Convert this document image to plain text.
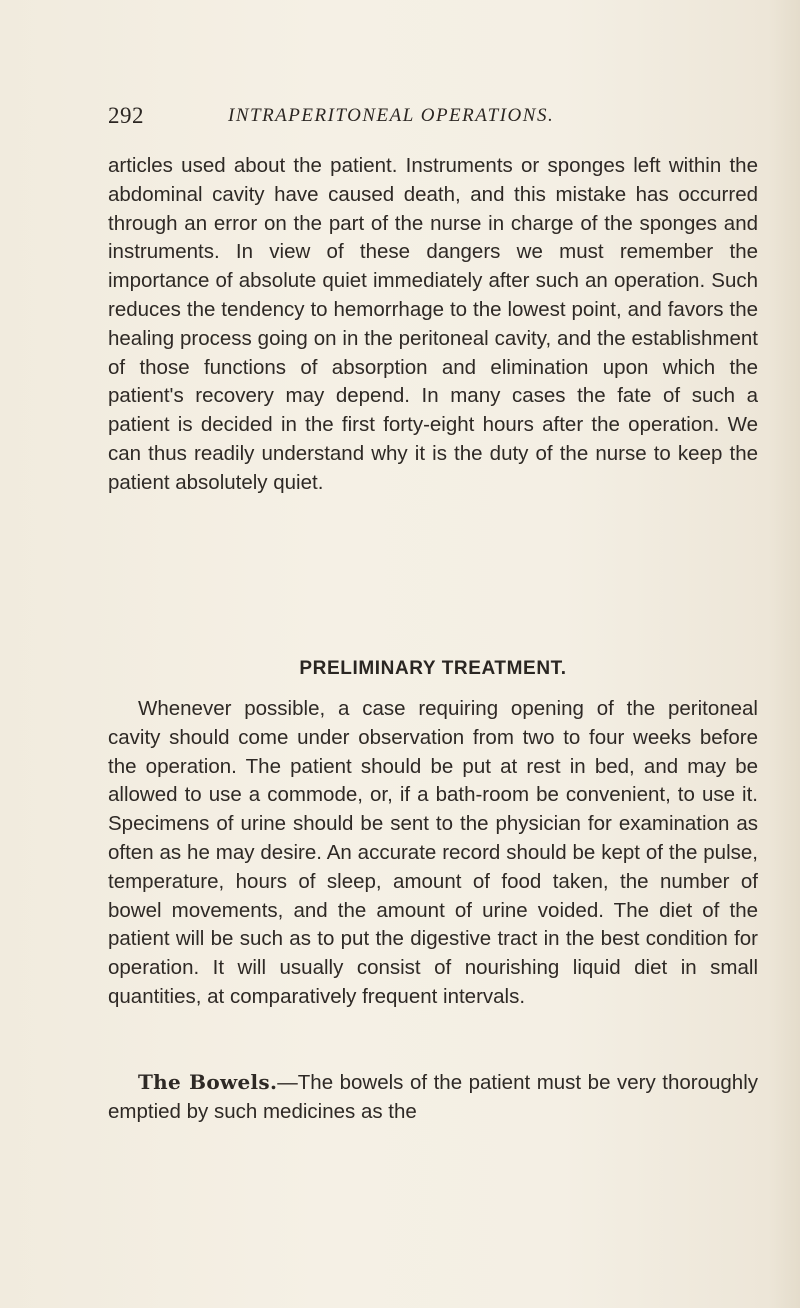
292	INTRAPERITONEAL OPERATIONS.

articles used about the patient. Instruments or sponges left within the abdominal cavity have caused death, and this mistake has occurred through an error on the part of the nurse in charge of the sponges and instruments. In view of these dangers we must remember the importance of absolute quiet immediately after such an operation. Such reduces the tendency to hemorrhage to the lowest point, and favors the healing process going on in the peritoneal cavity, and the establishment of those functions of absorption and elimination upon which the patient's recovery may depend. In many cases the fate of such a patient is decided in the first forty-eight hours after the operation. We can thus readily understand why it is the duty of the nurse to keep the patient absolutely quiet.

PRELIMINARY TREATMENT.

Whenever possible, a case requiring opening of the peritoneal cavity should come under observation from two to four weeks before the operation. The patient should be put at rest in bed, and may be allowed to use a commode, or, if a bath-room be convenient, to use it. Specimens of urine should be sent to the physician for examination as often as he may desire. An accurate record should be kept of the pulse, temperature, hours of sleep, amount of food taken, the number of bowel movements, and the amount of urine voided. The diet of the patient will be such as to put the digestive tract in the best condition for operation. It will usually consist of nourishing liquid diet in small quantities, at comparatively frequent intervals.

The Bowels.—The bowels of the patient must be very thoroughly emptied by such medicines as the
